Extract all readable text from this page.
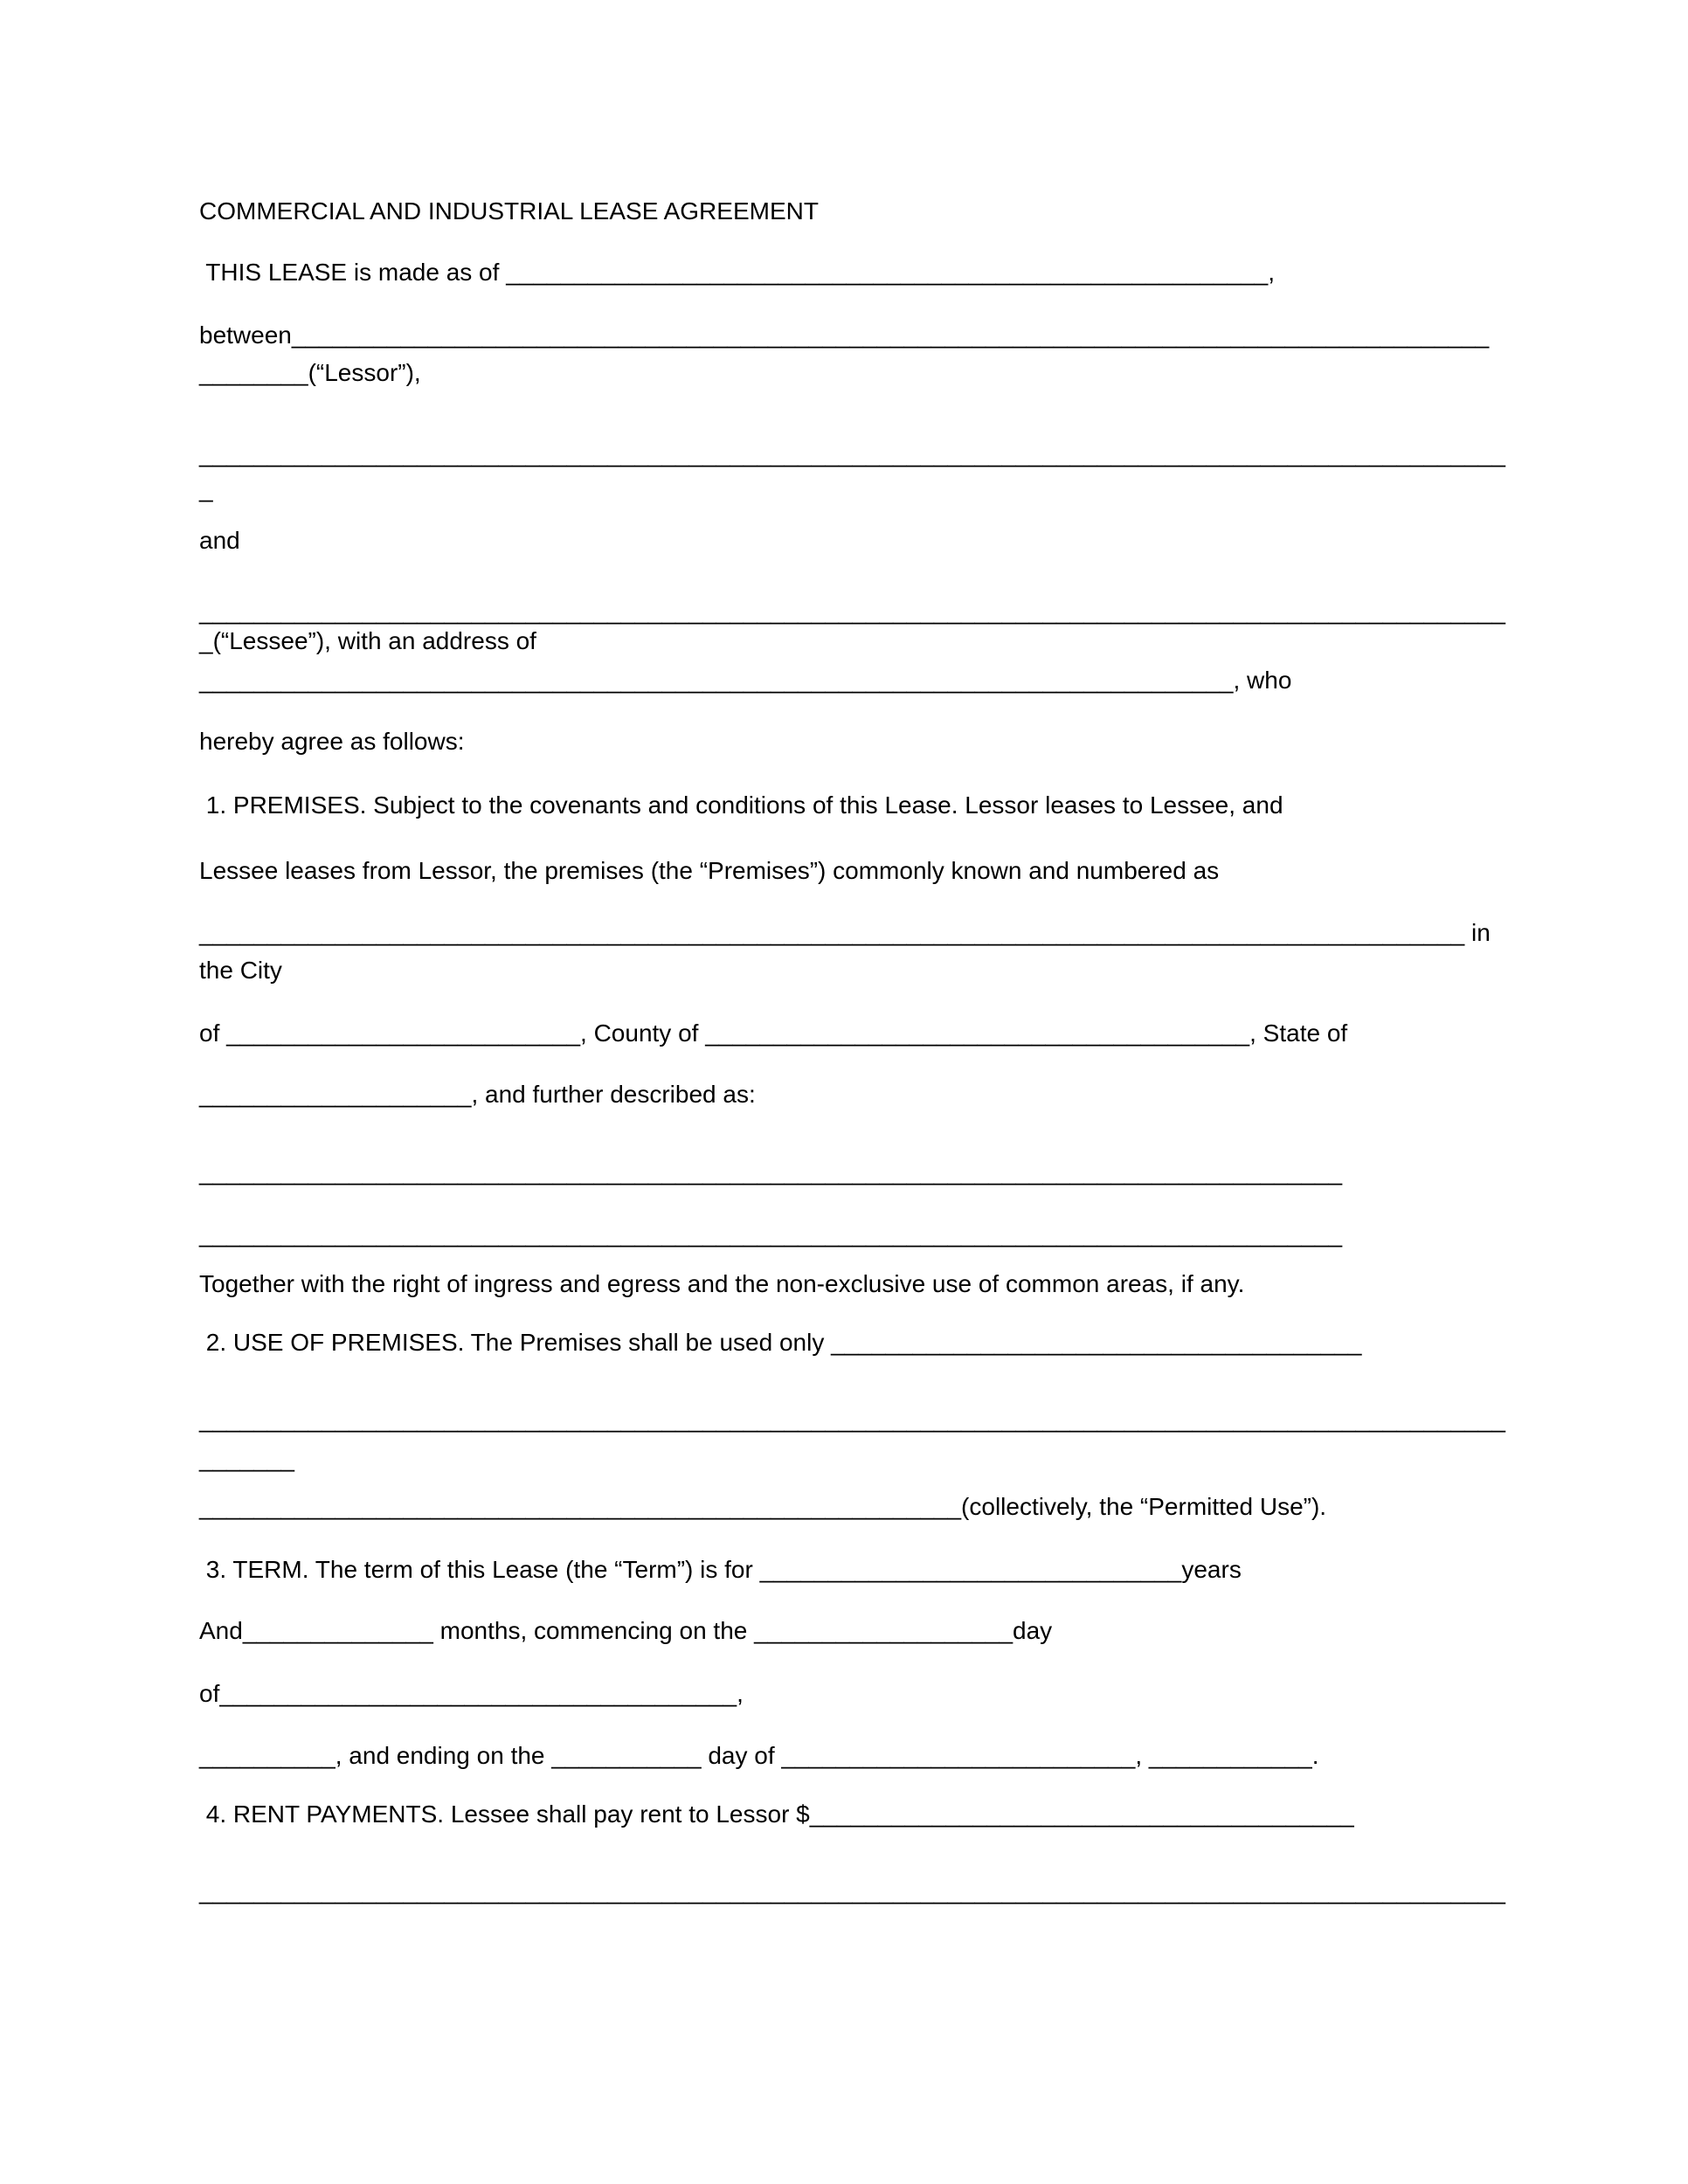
COMMERCIAL AND INDUSTRIAL LEASE AGREEMENT
THIS LEASE is made as of ________________________________________________________,
between________________________________________________________________________________________
________(“Lessor”),
________________________________________________________________________________________________
_
and
________________________________________________________________________________________________
_(“Lessee”), with an address of
____________________________________________________________________________, who
hereby agree as follows:
1. PREMISES. Subject to the covenants and conditions of this Lease. Lessor leases to Lessee, and
Lessee leases from Lessor, the premises (the “Premises”) commonly known and numbered as
_____________________________________________________________________________________________ in
the City
of __________________________, County of ________________________________________, State of
____________________, and further described as:
____________________________________________________________________________________
____________________________________________________________________________________
Together with the right of ingress and egress and the non-exclusive use of common areas, if any.
2. USE OF PREMISES. The Premises shall be used only _______________________________________
________________________________________________________________________________________________
_______
________________________________________________________(collectively, the “Permitted Use”).
3. TERM. The term of this Lease (the “Term”) is for _______________________________years
And______________ months, commencing on the ___________________day
of______________________________________,
__________, and ending on the ___________ day of __________________________, ____________.
4. RENT PAYMENTS. Lessee shall pay rent to Lessor $________________________________________
________________________________________________________________________________________________
